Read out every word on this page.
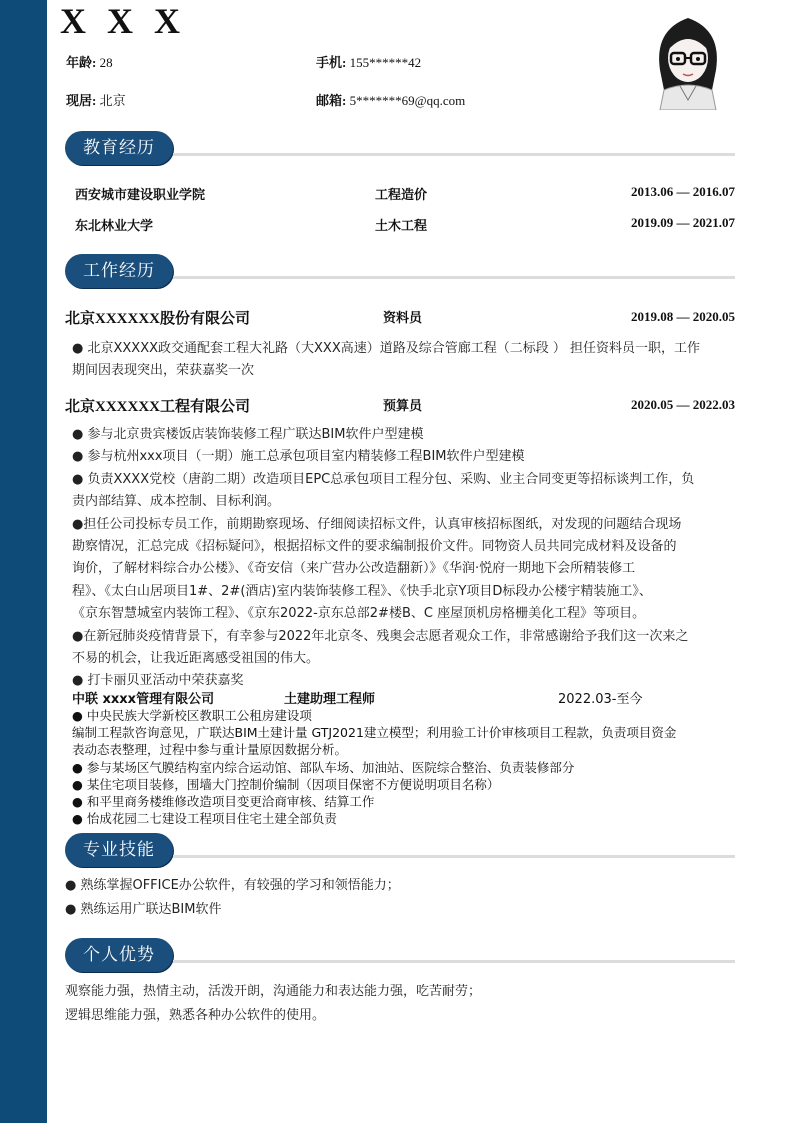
X X X
年龄: 28	手机: 155******42
现居: 北京	邮箱: 5*******69@qq.com
教育经历
西安城市建设职业学院	工程造价	2013.06 — 2016.07
东北林业大学	土木工程	2019.09 — 2021.07
工作经历
北京XXXXXX股份有限公司	资料员	2019.08 — 2020.05

● 北京XXXXX政交通配套工程大礼路（大XXX高速）道路及综合管廊工程（二标段 ） 担任资料员一职，工作

期间因表现突出，荣获嘉奖一次

北京XXXXXX工程有限公司	预算员	2020.05 — 2022.03

● 参与北京贵宾楼饭店装饰装修工程广联达BIM软件户型建模

● 参与杭州xxx项目（一期）施工总承包项目室内精装修工程BIM软件户型建模

● 负责XXXX党校（唐韵二期）改造项目EPC总承包项目工程分包、采购、业主合同变更等招标谈判工作，负

责内部结算、成本控制、目标利润。

●担任公司投标专员工作，前期勘察现场、仔细阅读招标文件，认真审核招标图纸，对发现的问题结合现场

勘察情况，汇总完成《招标疑问》，根据招标文件的要求编制报价文件。同物资人员共同完成材料及设备的

询价，了解材料综合办公楼》、《奇安信（来广营办公改造翻新）》《华润·悦府一期地下会所精装修工

程》、《太白山居项目1#、2#(酒店)室内装饰装修工程》、《快手北京Y项目D标段办公楼宇精装施工》、

《京东智慧城室内装饰工程》、《京东2022-京东总部2#楼B、C 座屋顶机房格栅美化工程》等项目。

●在新冠肺炎疫情背景下，有幸参与2022年北京冬、残奥会志愿者观众工作，非常感谢给予我们这一次来之

不易的机会，让我近距离感受祖国的伟大。

● 打卡丽贝亚活动中荣获嘉奖

中联 xxxx管理有限公司	土建助理工程师	2022.03-至今

● 中央民族大学新校区教职工公租房建设项

编制工程款咨询意见，广联达BIM土建计量 GTJ2021建立模型；利用验工计价审核项目工程款，负责项目资金

表动态表整理，过程中参与重计量原因数据分析。

● 参与某场区气膜结构室内综合运动馆、部队车场、加油站、医院综合整治、负责装修部分

● 某住宅项目装修，围墙大门控制价编制（因项目保密不方便说明项目名称）

● 和平里商务楼维修改造项目变更洽商审核、结算工作

● 怡成花园二七建设工程项目住宅土建全部负责

专业技能

● 熟练掌握OFFICE办公软件，有较强的学习和领悟能力；

● 熟练运用广联达BIM软件

个人优势

观察能力强，热情主动，活泼开朗，沟通能力和表达能力强，吃苦耐劳；

逻辑思维能力强，熟悉各种办公软件的使用。
